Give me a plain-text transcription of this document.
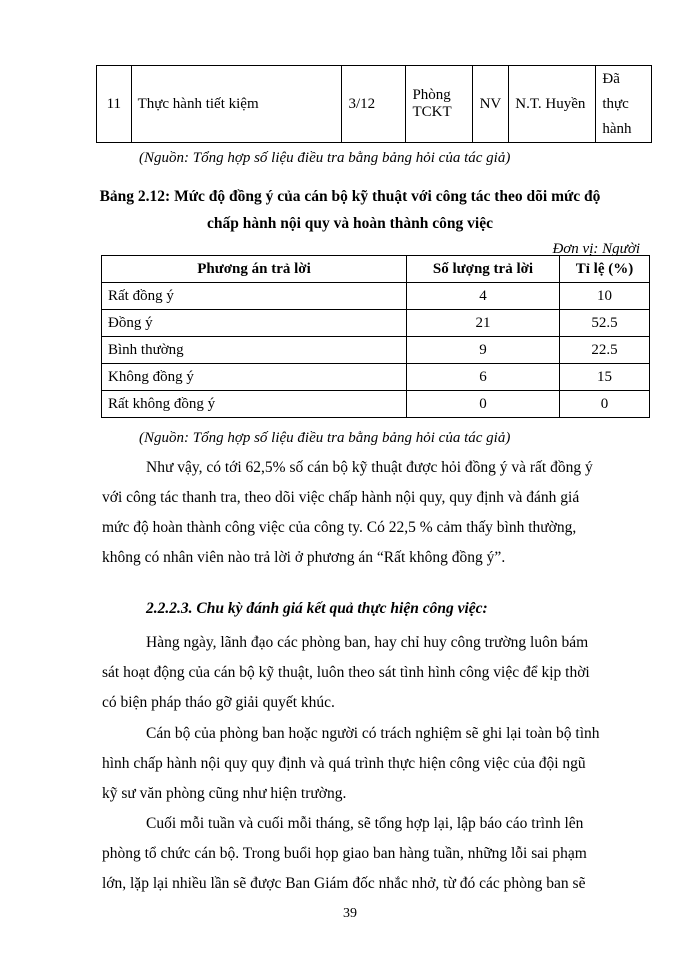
11	Thực hành tiết kiệm	3/12	Phòng TCKT	NV	N.T. Huyền	Đã thực hành
(Nguồn: Tổng hợp số liệu điều tra bằng bảng hỏi của tác giả)
Bảng 2.12: Mức độ đồng ý của cán bộ kỹ thuật với công tác theo dõi mức độ
chấp hành nội quy và hoàn thành công việc
Đơn vị: Người
Phương án trả lời	Số lượng trả lời	Tỉ lệ (%)
Rất đồng ý	4	10
Đồng ý	21	52.5
Bình thường	9	22.5
Không đồng ý	6	15
Rất không đồng ý	0	0
(Nguồn: Tổng hợp số liệu điều tra bằng bảng hỏi của tác giả)
Như vậy, có tới 62,5% số cán bộ kỹ thuật được hỏi đồng ý và rất đồng ý
với công tác thanh tra, theo dõi việc chấp hành nội quy, quy định và đánh giá
mức độ hoàn thành công việc của công ty. Có 22,5 % cảm thấy bình thường,
không có nhân viên nào trả lời ở phương án “Rất không đồng ý”.
2.2.2.3. Chu kỳ đánh giá kết quả thực hiện công việc:
Hàng ngày, lãnh đạo các phòng ban, hay chỉ huy công trường luôn bám
sát hoạt động của cán bộ kỹ thuật, luôn theo sát tình hình công việc để kịp thời
có biện pháp tháo gỡ giải quyết khúc.
Cán bộ của phòng ban hoặc người có trách nghiệm sẽ ghi lại toàn bộ tình
hình chấp hành nội quy quy định và quá trình thực hiện công việc của đội ngũ
kỹ sư văn phòng cũng như hiện trường.
Cuối mỗi tuần và cuối mỗi tháng, sẽ tổng hợp lại, lập báo cáo trình lên
phòng tổ chức cán bộ. Trong buổi họp giao ban hàng tuần, những lỗi sai phạm
lớn, lặp lại nhiều lần sẽ được Ban Giám đốc nhắc nhở, từ đó các phòng ban sẽ
39
